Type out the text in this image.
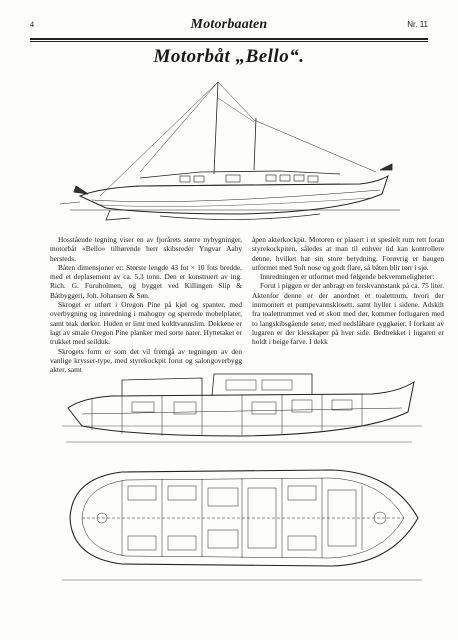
4	Motorbaaten	Nr. 11
Motorbåt „Bello“.

Hosstående tegning viser en av fjorårets større nybygninger, motorbåt «Bello» tilhørende herr skibsreder Yngvar Aaby hersteds.

Båten dimensjoner er: Største lengde 43 fot × 10 fots bredde, med et deplasement av ca. 5,3 tonn. Den er konstruert av ing. Rich. G. Furuholmen, og bygget ved Killingen Slip & Båtbyggeri, Joh. Johansen & Søn.

Skroget er utført i Oregon Pine på kjøl og spanter, med overbygning og innredning i mahogny og sperrede mobelplater, samt teak dørker. Huden er limt med koldtvannslim. Dekkene er lagt av smale Oregon Pine planker med sorte nater. Hyttetaket er trukket med seilduk.

Skrogets form er som det vil fremgå av tegningen av den vanlige krysser-type, med styrekockpit forut og salongoverbygg akter, samt

åpen akterkockpit. Motoren er plasert i et spesielt rum rett foran styrekockpiten, således at man til enhver tid kan kontrollere denne, hvilket har sin store betydning. Forøvrig er baugen utformet med Soft nose og godt flare, så båten blir tørr i sjø.

Innredningen er utformet med følgende bekvemmeligheter:

Forut i piggen er der anbragt en ferskvannstank på ca. 75 liter. Aktenfor denne er der anordnet et toalettrum, hvori der innmontert et pumpevannsklosett, samt hyller i sidene. Adskilt fra toalettrummet ved et skott med dør, kommer forlugaren med to langskibsgående seter, med nedslåbare ryggkøier. I forkant av lugaren er der klesskaper på hver side. Bedtrekket i lugaren er holdt i beige farve. I dekk
